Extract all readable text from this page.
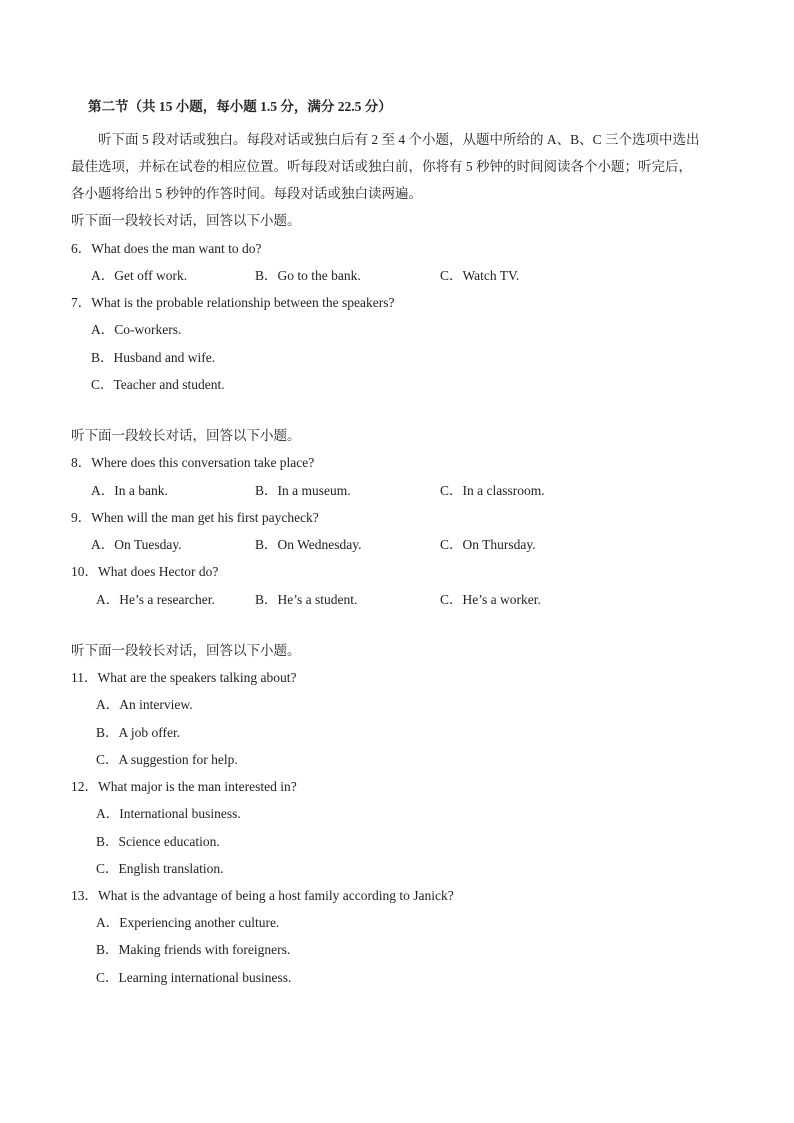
第二节（共 15 小题，每小题 1.5 分，满分 22.5 分）
听下面 5 段对话或独白。每段对话或独白后有 2 至 4 个小题，从题中所给的 A、B、C 三个选项中选出
最佳选项，并标在试卷的相应位置。听每段对话或独白前，你将有 5 秒钟的时间阅读各个小题；听完后，
各小题将给出 5 秒钟的作答时间。每段对话或独白读两遍。
听下面一段较长对话，回答以下小题。
6．What does the man want to do?
A．Get off work.	B．Go to the bank.	C．Watch TV.
7．What is the probable relationship between the speakers?
A．Co-workers.
B．Husband and wife.
C．Teacher and student.
听下面一段较长对话，回答以下小题。
8．Where does this conversation take place?
A．In a bank.	B．In a museum.	C．In a classroom.
9．When will the man get his first paycheck?
A．On Tuesday.	B．On Wednesday.	C．On Thursday.
10．What does Hector do?
A．He’s a researcher.	B．He’s a student.	C．He’s a worker.
听下面一段较长对话，回答以下小题。
11．What are the speakers talking about?
A．An interview.
B．A job offer.
C．A suggestion for help.
12．What major is the man interested in?
A．International business.
B．Science education.
C．English translation.
13．What is the advantage of being a host family according to Janick?
A．Experiencing another culture.
B．Making friends with foreigners.
C．Learning international business.
